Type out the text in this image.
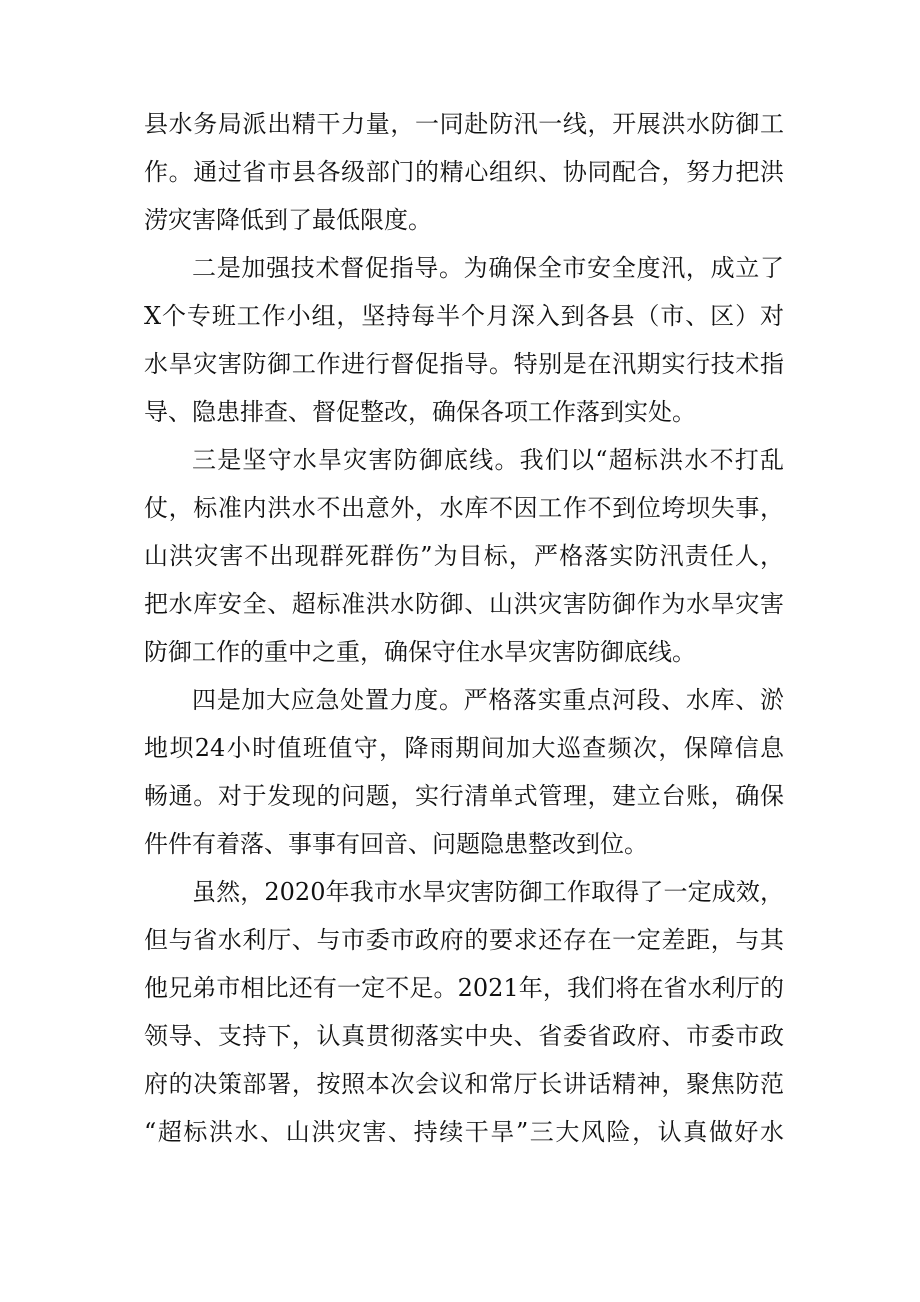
县水务局派出精干力量，一同赴防汛一线，开展洪水防御工
作。通过省市县各级部门的精心组织、协同配合，努力把洪
涝灾害降低到了最低限度。
二是加强技术督促指导。为确保全市安全度汛，成立了
X个专班工作小组，坚持每半个月深入到各县（市、区）对
水旱灾害防御工作进行督促指导。特别是在汛期实行技术指
导、隐患排查、督促整改，确保各项工作落到实处。
三是坚守水旱灾害防御底线。我们以“超标洪水不打乱
仗，标准内洪水不出意外，水库不因工作不到位垮坝失事，
山洪灾害不出现群死群伤”为目标，严格落实防汛责任人，
把水库安全、超标准洪水防御、山洪灾害防御作为水旱灾害
防御工作的重中之重，确保守住水旱灾害防御底线。
四是加大应急处置力度。严格落实重点河段、水库、淤
地坝24小时值班值守，降雨期间加大巡查频次，保障信息
畅通。对于发现的问题，实行清单式管理，建立台账，确保
件件有着落、事事有回音、问题隐患整改到位。
虽然，2020年我市水旱灾害防御工作取得了一定成效，
但与省水利厅、与市委市政府的要求还存在一定差距，与其
他兄弟市相比还有一定不足。2021年，我们将在省水利厅的
领导、支持下，认真贯彻落实中央、省委省政府、市委市政
府的决策部署，按照本次会议和常厅长讲话精神，聚焦防范
“超标洪水、山洪灾害、持续干旱”三大风险，认真做好水
